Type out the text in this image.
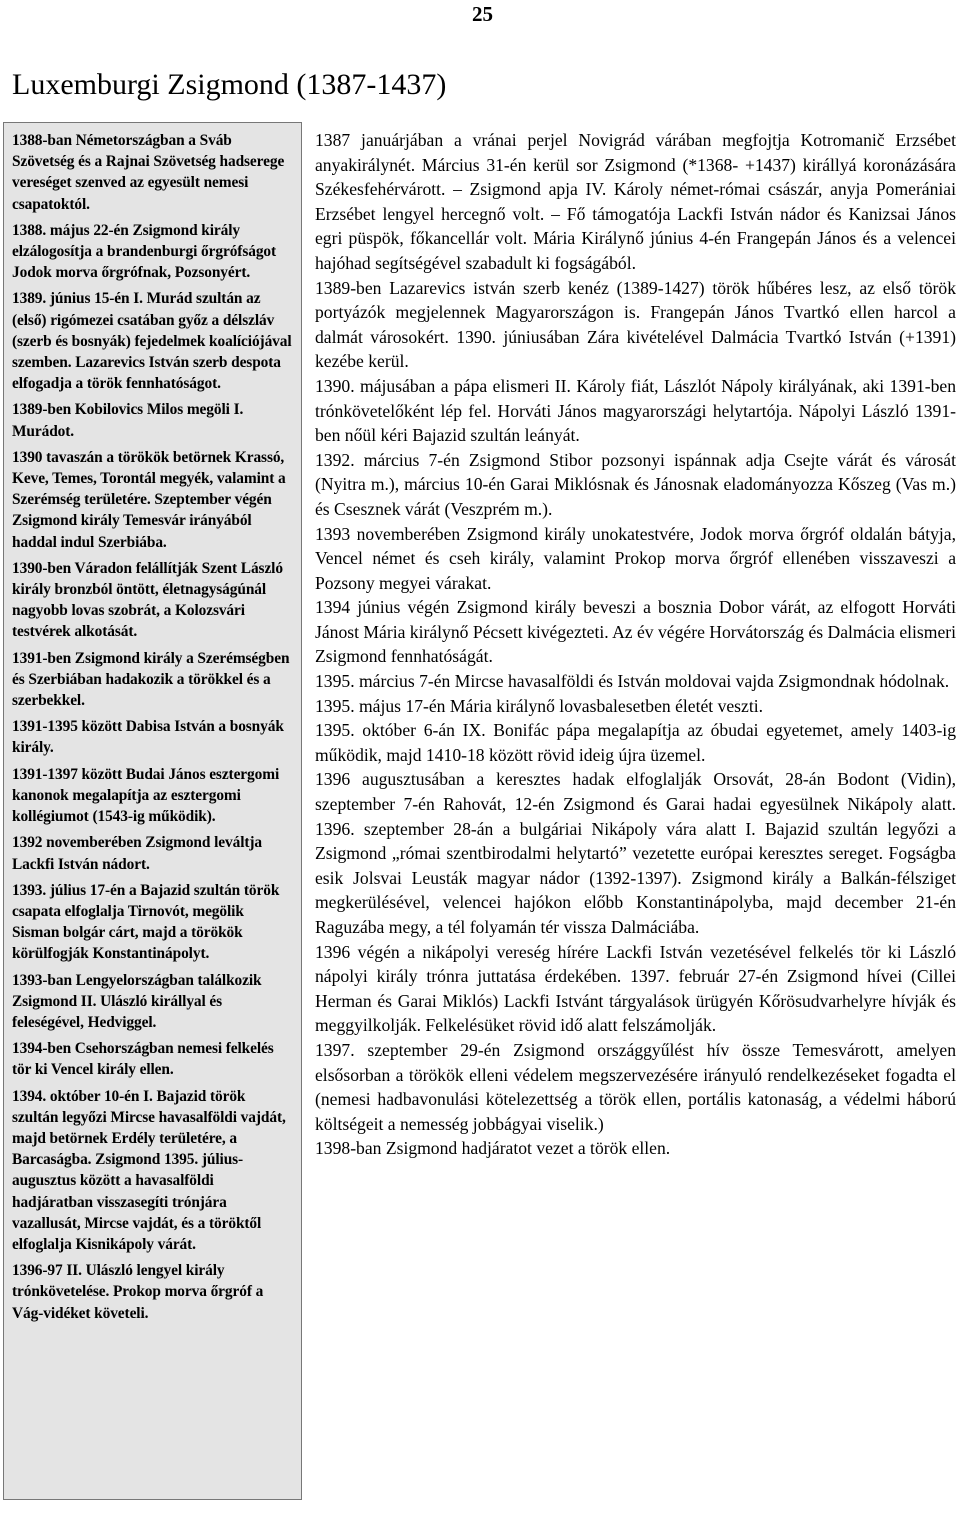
25
Luxemburgi Zsigmond (1387-1437)

1388-ban Németországban a Sváb Szövetség és a Rajnai Szövetség hadserege vereséget szenved az egyesült nemesi csapatoktól.

1388. május 22-én Zsigmond király elzálogosítja a brandenburgi őrgrófságot Jodok morva őrgrófnak, Pozsonyért.

1389. június 15-én I. Murád szultán az (első) rigómezei csatában győz a délszláv (szerb és bosnyák) fejedelmek koalíciójával szemben. Lazarevics István szerb despota elfogadja a török fennhatóságot.

1389-ben Kobilovics Milos megöli I. Murádot.

1390 tavaszán a törökök betörnek Krassó, Keve, Temes, Torontál megyék, valamint a Szerémség területére. Szeptember végén Zsigmond király Temesvár irányából haddal indul Szerbiába.

1390-ben Váradon felállítják Szent László király bronzból öntött, életnagyságúnál nagyobb lovas szobrát, a Kolozsvári testvérek alkotását.

1391-ben Zsigmond király a Szerémségben és Szerbiában hadakozik a törökkel és a szerbekkel.

1391-1395 között Dabisa István a bosnyák király.

1391-1397 között Budai János esztergomi kanonok megalapítja az esztergomi kollégiumot (1543-ig működik).

1392 novemberében Zsigmond leváltja Lackfi István nádort.

1393. július 17-én a Bajazid szultán török csapata elfoglalja Tirnovót, megölik Sisman bolgár cárt, majd a törökök körülfogják Konstantinápolyt.

1393-ban Lengyelországban találkozik Zsigmond II. Ulászló királlyal és feleségével, Hedviggel.

1394-ben Csehországban nemesi felkelés tör ki Vencel király ellen.

1394. október 10-én I. Bajazid török szultán legyőzi Mircse havasalföldi vajdát, majd betörnek Erdély területére, a Barcaságba. Zsigmond 1395. július-augusztus között a havasalföldi hadjáratban visszasegíti trónjára vazallusát, Mircse vajdát, és a töröktől elfoglalja Kisnikápoly várát.

1396-97 II. Ulászló lengyel király trónkövetelése. Prokop morva őrgróf a Vág-vidéket követeli.

1387 januárjában a vránai perjel Novigrád várában megfojtja Kotromanič Erzsébet anyakirálynét. Március 31-én kerül sor Zsigmond (*1368- +1437) királlyá koronázására Székesfehérvárott. – Zsigmond apja IV. Károly német-római császár, anyja Pomerániai Erzsébet lengyel hercegnő volt. – Fő támogatója Lackfi István nádor és Kanizsai János egri püspök, főkancellár volt. Mária Királynő június 4-én Frangepán János és a velencei hajóhad segítségével szabadult ki fogságából.

1389-ben Lazarevics istván szerb kenéz (1389-1427) török hűbéres lesz, az első török portyázók megjelennek Magyarországon is. Frangepán János Tvartkó ellen harcol a dalmát városokért. 1390. júniusában Zára kivételével Dalmácia Tvartkó István (+1391) kezébe kerül.

1390. májusában a pápa elismeri II. Károly fiát, Lászlót Nápoly királyának, aki 1391-ben trónkövetelőként lép fel. Horváti János magyarországi helytartója. Nápolyi László 1391-ben nőül kéri Bajazid szultán leányát.

1392. március 7-én Zsigmond Stibor pozsonyi ispánnak adja Csejte várát és városát (Nyitra m.), március 10-én Garai Miklósnak és Jánosnak eladományozza Kőszeg (Vas m.) és Csesznek várát (Veszprém m.).

1393 novemberében Zsigmond király unokatestvére, Jodok morva őrgróf oldalán bátyja, Vencel német és cseh király, valamint Prokop morva őrgróf ellenében visszaveszi a Pozsony megyei várakat.

1394 június végén Zsigmond király beveszi a bosznia Dobor várát, az elfogott Horváti Jánost Mária királynő Pécsett kivégezteti. Az év végére Horvátország és Dalmácia elismeri Zsigmond fennhatóságát.

1395. március 7-én Mircse havasalföldi és István moldovai vajda Zsigmondnak hódolnak.

1395. május 17-én Mária királynő lovasbalesetben életét veszti.

1395. október 6-án IX. Bonifác pápa megalapítja az óbudai egyetemet, amely 1403-ig működik, majd 1410-18 között rövid ideig újra üzemel.

1396 augusztusában a keresztes hadak elfoglalják Orsovát, 28-án Bodont (Vidin), szeptember 7-én Rahovát, 12-én Zsigmond és Garai hadai egyesülnek Nikápoly alatt. 1396. szeptember 28-án a bulgáriai Nikápoly vára alatt I. Bajazid szultán legyőzi a Zsigmond „római szentbirodalmi helytartó” vezetette európai keresztes sereget. Fogságba esik Jolsvai Leusták magyar nádor (1392-1397). Zsigmond király a Balkán-félsziget megkerülésével, velencei hajókon előbb Konstantinápolyba, majd december 21-én Raguzába megy, a tél folyamán tér vissza Dalmáciába.

1396 végén a nikápolyi vereség hírére Lackfi István vezetésével felkelés tör ki László nápolyi király trónra juttatása érdekében. 1397. február 27-én Zsigmond hívei (Cillei Herman és Garai Miklós) Lackfi Istvánt tárgyalások ürügyén Kőrösudvarhelyre hívják és meggyilkolják. Felkelésüket rövid idő alatt felszámolják.

1397. szeptember 29-én Zsigmond országgyűlést hív össze Temesvárott, amelyen elsősorban a törökök elleni védelem megszervezésére irányuló rendelkezéseket fogadta el (nemesi hadbavonulási kötelezettség a török ellen, portális katonaság, a védelmi háború költségeit a nemesség jobbágyai viselik.)

1398-ban Zsigmond hadjáratot vezet a török ellen.
